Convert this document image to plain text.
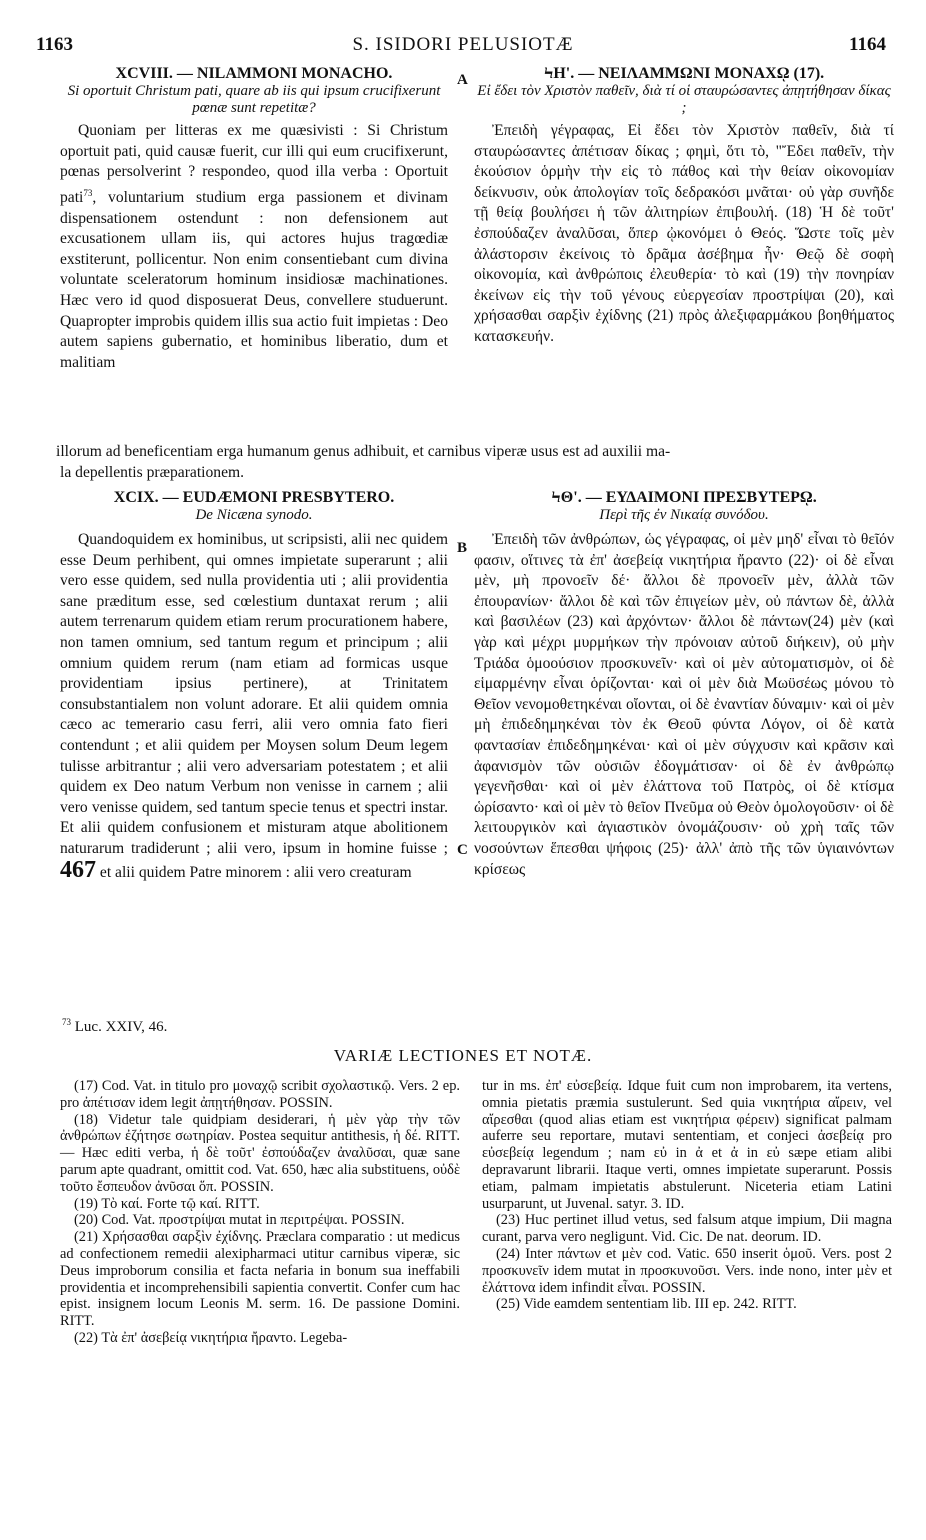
1163	S. ISIDORI PELUSIOTÆ	1164
XCVIII. — NILAMMONI MONACHO.
Si oportuit Christum pati, quare ab iis qui ipsum crucifixerunt pœnæ sunt repetitæ?

Quoniam per litteras ex me quæsivisti : Si Christum oportuit pati, quid causæ fuerit, cur illi qui eum crucifixerunt, pœnas persolverint ? respondeo, quod illa verba : Oportuit pati$^{73}$, voluntarium studium erga passionem et divinam dispensationem ostendunt : non defensionem aut excusationem ullam iis, qui actores hujus tragœdiæ exstiterunt, pollicentur. Non enim consentiebant cum divina voluntate sceleratorum hominum insidiosæ machinationes. Hæc vero id quod disposuerat Deus, convellere studuerunt. Quapropter improbis quidem illis sua actio fuit impietas : Deo autem sapiens gubernatio, et hominibus liberatio, dum et malitiam

ϞΗ'. — ΝΕΙΛΑΜΜΩΝΙ ΜΟΝΑΧῼ (17).
Εἰ ἔδει τὸν Χριστὸν παθεῖν, διὰ τί οἱ σταυρώσαντες ἀπῃτήθησαν δίκας ;

Ἐπειδὴ γέγραφας, Εἰ ἔδει τὸν Χριστὸν παθεῖν, διὰ τί σταυρώσαντες ἀπέτισαν δίκας ; φημὶ, ὅτι τὸ, "Ἔδει παθεῖν, τὴν ἑκούσιον ὁρμὴν τὴν εἰς τὸ πάθος καὶ τὴν θείαν οἰκονομίαν δείκνυσιν, οὐκ ἀπολογίαν τοῖς δεδρακόσι μνᾶται· οὐ γὰρ συνῆδε τῇ θείᾳ βουλήσει ἡ τῶν ἀλιτηρίων ἐπιβουλή. (18) Ἡ δὲ τοῦτ' ἐσπούδαζεν ἀναλῦσαι, ὅπερ ᾠκονόμει ὁ Θεός. Ὥστε τοῖς μὲν ἀλάστορσιν ἐκείνοις τὸ δρᾶμα ἀσέβημα ἦν· Θεῷ δὲ σοφὴ οἰκονομία, καὶ ἀνθρώποις ἐλευθερία· τὸ καὶ (19) τὴν πονηρίαν ἐκείνων εἰς τὴν τοῦ γένους εὐεργεσίαν προστρίψαι (20), καὶ χρήσασθαι σαρξὶν ἐχίδνης (21) πρὸς ἀλεξιφαρμάκου βοηθήματος κατασκευήν.

illorum ad beneficentiam erga humanum genus adhibuit, et carnibus viperæ usus est ad auxilii ma-
la depellentis præparationem.
XCIX. — EUDÆMONI PRESBYTERO.
De Nicæna synodo.

Quandoquidem ex hominibus, ut scripsisti, alii nec quidem esse Deum perhibent, qui omnes impietate superarunt ; alii vero esse quidem, sed nulla providentia uti ; alii providentia sane præditum esse, sed cœlestium duntaxat rerum ; alii autem terrenarum quidem etiam rerum procurationem habere, non tamen omnium, sed tantum regum et principum ; alii omnium quidem rerum (nam etiam ad formicas usque providentiam ipsius pertinere), at Trinitatem consubstantialem non volunt adorare. Et alii quidem omnia cæco ac temerario casu ferri, alii vero omnia fato fieri contendunt ; et alii quidem per Moysen solum Deum legem tulisse arbitrantur ; alii vero adversariam potestatem ; et alii quidem ex Deo natum Verbum non venisse in carnem ; alii vero venisse quidem, sed tantum specie tenus et spectri instar. Et alii quidem confusionem et misturam atque abolitionem naturarum tradiderunt ; alii vero, ipsum in homine fuisse ; 467 et alii quidem Patre minorem : alii vero creaturam

ϞΘ'. — ΕΥΔΑΙΜΟΝΙ ΠΡΕΣΒΥΤΕΡῼ.
Περὶ τῆς ἐν Νικαίᾳ συνόδου.

Ἐπειδὴ τῶν ἀνθρώπων, ὡς γέγραφας, οἱ μὲν μηδ' εἶναι τὸ θεῖόν φασιν, οἵτινες τὰ ἐπ' ἀσεβείᾳ νικητήρια ἤραντο (22)· οἱ δὲ εἶναι μὲν, μὴ προνοεῖν δέ· ἄλλοι δὲ προνοεῖν μὲν, ἀλλὰ τῶν ἐπουρανίων· ἄλλοι δὲ καὶ τῶν ἐπιγείων μὲν, οὐ πάντων δὲ, ἀλλὰ καὶ βασιλέων (23) καὶ ἀρχόντων· ἄλλοι δὲ πάντων(24) μὲν (καὶ γὰρ καὶ μέχρι μυρμήκων τὴν πρόνοιαν αὐτοῦ διήκειν), οὐ μὴν Τριάδα ὁμοούσιον προσκυνεῖν· καὶ οἱ μὲν αὐτοματισμὸν, οἱ δὲ εἱμαρμένην εἶναι ὁρίζονται· καὶ οἱ μὲν διὰ Μωϋσέως μόνου τὸ Θεῖον νενομοθετηκέναι οἴονται, οἱ δὲ ἐναντίαν δύναμιν· καὶ οἱ μὲν μὴ ἐπιδεδημηκέναι τὸν ἐκ Θεοῦ φύντα Λόγον, οἱ δὲ κατὰ φαντασίαν ἐπιδεδημηκέναι· καὶ οἱ μὲν σύγχυσιν καὶ κρᾶσιν καὶ ἀφανισμὸν τῶν οὐσιῶν ἐδογμάτισαν· οἱ δὲ ἐν ἀνθρώπῳ γεγενῆσθαι· καὶ οἱ μὲν ἐλάττονα τοῦ Πατρὸς, οἱ δὲ κτίσμα ὡρίσαντο· καὶ οἱ μὲν τὸ θεῖον Πνεῦμα οὐ Θεὸν ὁμολογοῦσιν· οἱ δὲ λειτουργικὸν καὶ ἁγιαστικὸν ὀνομάζουσιν· οὐ χρὴ ταῖς τῶν νοσούντων ἕπεσθαι ψήφοις (25)· ἀλλ' ἀπὸ τῆς τῶν ὑγιαινόντων κρίσεως

A
B
C
$^{73}$ Luc. XXIV, 46.
VARIÆ LECTIONES ET NOTÆ.

(17) Cod. Vat. in titulo pro μοναχῷ scribit σχολαστικῷ. Vers. 2 ep. pro ἀπέτισαν idem legit ἀπῃτήθησαν. POSSIN.

(18) Videtur tale quidpiam desiderari, ἡ μὲν γὰρ τὴν τῶν ἀνθρώπων ἐζήτησε σωτηρίαν. Postea sequitur antithesis, ἡ δέ. RITT. — Hæc editi verba, ἡ δὲ τοῦτ' ἐσπούδαζεν ἀναλῦσαι, quæ sane parum apte quadrant, omittit cod. Vat. 650, hæc alia substituens, οὐδὲ τοῦτο ἔσπευδον ἀνῦσαι ὅπ. POSSIN.

(19) Τὸ καί. Forte τῷ καί. RITT.

(20) Cod. Vat. προστρίψαι mutat in περιτρέψαι. POSSIN.

(21) Χρήσασθαι σαρξὶν ἐχίδνης. Præclara comparatio : ut medicus ad confectionem remedii alexipharmaci utitur carnibus viperæ, sic Deus improborum consilia et facta nefaria in bonum sua ineffabili providentia et incomprehensibili sapientia convertit. Confer cum hac epist. insignem locum Leonis M. serm. 16. De passione Domini. RITT.

(22) Τὰ ἐπ' ἀσεβείᾳ νικητήρια ἤραντο. Legeba-

tur in ms. ἐπ' εὐσεβείᾳ. Idque fuit cum non improbarem, ita vertens, omnia pietatis præmia sustulerunt. Sed quia νικητήρια αἴρειν, vel αἴρεσθαι (quod alias etiam est νικητήρια φέρειν) significat palmam auferre seu reportare, mutavi sententiam, et conjeci ἀσεβείᾳ pro εὐσεβείᾳ legendum ; nam εὐ in ἀ et ἀ in εὐ sæpe etiam alibi depravarunt librarii. Itaque verti, omnes impietate superarunt. Possis etiam, palmam impietatis abstulerunt. Niceteria etiam Latini usurparunt, ut Juvenal. satyr. 3. ID.

(23) Huc pertinet illud vetus, sed falsum atque impium, Dii magna curant, parva vero negligunt. Vid. Cic. De nat. deorum. ID.

(24) Inter πάντων et μὲν cod. Vatic. 650 inserit ὁμοῦ. Vers. post 2 προσκυνεῖν idem mutat in προσκυνοῦσι. Vers. inde nono, inter μὲν et ἐλάττονα idem infindit εἶναι. POSSIN.

(25) Vide eamdem sententiam lib. III ep. 242. RITT.
